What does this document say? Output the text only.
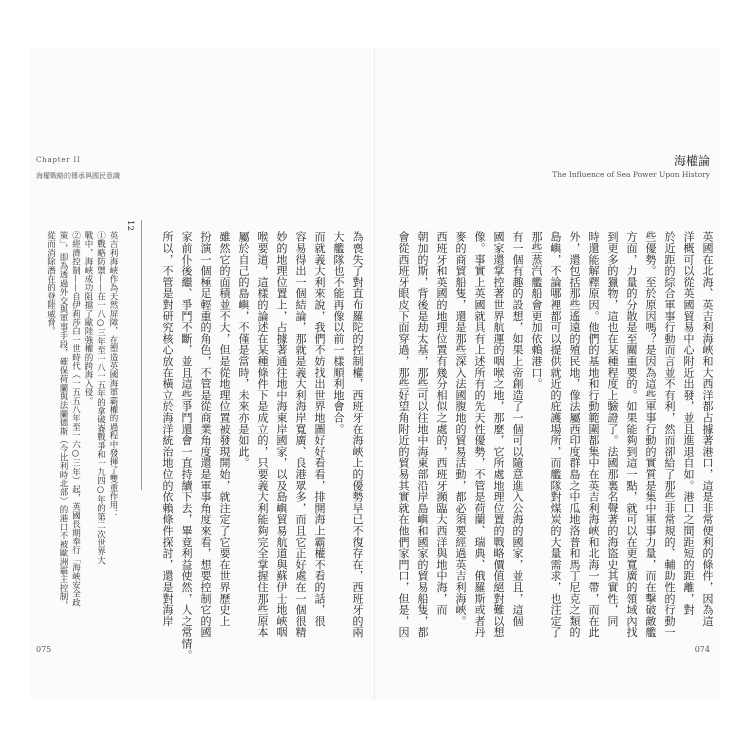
海權論
The Influence of Sea Power Upon History
英國在北海、英吉利海峽和大西洋都占據著港口，這是非常便利的條件，因為這
洋概可以從英國貿易中心附近出發，並且進退自如。港口之間距短的距離，對
於近距的綜合軍事行動而言並不有利，然而卻給了那些非常規的、輔助性的行動一
些優勢。至於原因嗎？是因為這些軍事行動的實質是集中軍事力量，而在擊破敵艦
方面，力量的分散是至關重要的。如果能夠到這一點，就可以在更寬廣的領域內找
到更多的獵物，這也在某種程度上驗證了。法國那裏名聲著的海盜史其實性，同
時還能解釋原因。他們的基地和行動範圍都集中在英吉利海峽和北海一帶，而在此
外，還包括那些遙遠的殖民地，像法屬西印度群島之中瓜地洛普和馬丁尼克之類的
島嶼，不論哪裡都可以提供就近的庇護場所，而艦隊對煤炭的大量需求，也注定了
那些蒸汽艦船會更加依賴港口。
有一個有趣的設想，如果上帝創造了一個可以隨意進入公海的國家，並且，這個
國家還掌控著世界航運的咽喉之地，那麼，它所處地理位置的戰略價值絕對難以想
像。事實上英國就具有上述所有的先天性優勢，不管是荷蘭、瑞典、俄羅斯或者丹
麥的商貿船隻，還是那些深入法國腹地的貿易活動，都必須要經過英吉利海峽。
西班牙和英國的地理位置有幾分相似之處的，西班牙瀕臨大西洋與地中海，而
朝加的斯，背後是劫太基，那些可以往地中海東部沿岸島嶼和國家的貿易船隻，都
會從西班牙眼皮下面穿過，那些好望角附近的貿易其實就在他們家門口，但是，因
074
Chapter II
海權戰略的傳承與國民意識
為喪失了對直布羅陀的控制權，西班牙在海峽上的優勢早已不復存在，西班牙的兩
大艦隊也不能再像以前一樣順利地會合。
而就義大利來說，我們不妨找出世界地圖好好看看，排開海上霸權不看的話，很
容易得出一個結論，那就是義大利海岸寬廣、良港眾多，而且它正好處在一個很精
妙的地理位置上，占據著通往地中海東岸國家，以及島嶼貿易航道與蘇伊士地峽咽
喉要道，這樣的論述在某種條件下是成立的，只要義大利能夠完全掌握住那些原本
屬於自己的島嶼，不僅是當時，未來亦是如此。
雖然它的面積並不大，但是從地理位置被發現開始，就注定了它要在世界歷史上
扮演一個極足輕重的角色，不管是從商業角度還是軍事角度來看，想要控制它的國
家前仆後繼、爭鬥不斷，並且這些爭鬥還會一直持續下去，畢竟利益使然，人之常情。
所以，不管是對研究核心放在橫立於海洋統治地位的依賴條件探討，還是對海岸
12
英吉利海峽作為天然屏障，在塑造英國海軍霸權的過程中發揮了雙重作用：
①戰略防禦——在一八○三年至一八一五年的拿破崙戰爭和一九四○年的第二次世界大
戰中，海峽成功阻擋了歐陸強權的跨海入侵。
②經濟控制——自伊莉莎白一世時代（一五五八年至一六○三年）起，英國長期奉行「海峽安全政
策」，即為透過外交與軍事手段，確保荷蘭與法蘭德斯（今比利時北部）的港口不被歐洲霸主控制，
從而消除潛在的登陸威脅。
075
